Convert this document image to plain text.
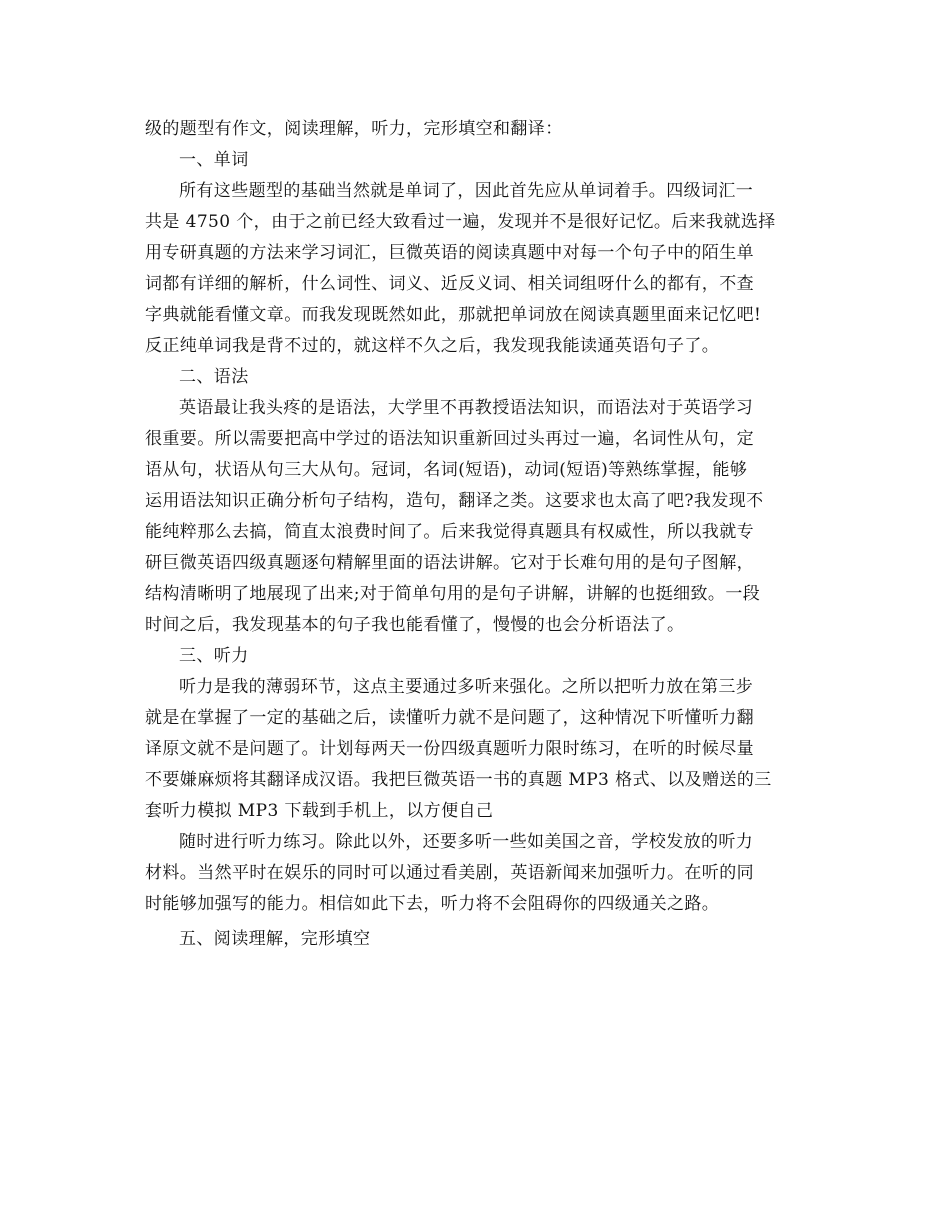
级的题型有作文，阅读理解，听力，完形填空和翻译：
一、单词
所有这些题型的基础当然就是单词了，因此首先应从单词着手。四级词汇一
共是 4750 个，由于之前已经大致看过一遍，发现并不是很好记忆。后来我就选择
用专研真题的方法来学习词汇，巨微英语的阅读真题中对每一个句子中的陌生单
词都有详细的解析，什么词性、词义、近反义词、相关词组呀什么的都有，不查
字典就能看懂文章。而我发现既然如此，那就把单词放在阅读真题里面来记忆吧!
反正纯单词我是背不过的，就这样不久之后，我发现我能读通英语句子了。
二、语法
英语最让我头疼的是语法，大学里不再教授语法知识，而语法对于英语学习
很重要。所以需要把高中学过的语法知识重新回过头再过一遍，名词性从句，定
语从句，状语从句三大从句。冠词，名词(短语)，动词(短语)等熟练掌握，能够
运用语法知识正确分析句子结构，造句，翻译之类。这要求也太高了吧?我发现不
能纯粹那么去搞，简直太浪费时间了。后来我觉得真题具有权威性，所以我就专
研巨微英语四级真题逐句精解里面的语法讲解。它对于长难句用的是句子图解，
结构清晰明了地展现了出来;对于简单句用的是句子讲解，讲解的也挺细致。一段
时间之后，我发现基本的句子我也能看懂了，慢慢的也会分析语法了。
三、听力
听力是我的薄弱环节，这点主要通过多听来强化。之所以把听力放在第三步
就是在掌握了一定的基础之后，读懂听力就不是问题了，这种情况下听懂听力翻
译原文就不是问题了。计划每两天一份四级真题听力限时练习，在听的时候尽量
不要嫌麻烦将其翻译成汉语。我把巨微英语一书的真题 MP3 格式、以及赠送的三
套听力模拟 MP3 下载到手机上，以方便自己
随时进行听力练习。除此以外，还要多听一些如美国之音，学校发放的听力
材料。当然平时在娱乐的同时可以通过看美剧，英语新闻来加强听力。在听的同
时能够加强写的能力。相信如此下去，听力将不会阻碍你的四级通关之路。
五、阅读理解，完形填空
